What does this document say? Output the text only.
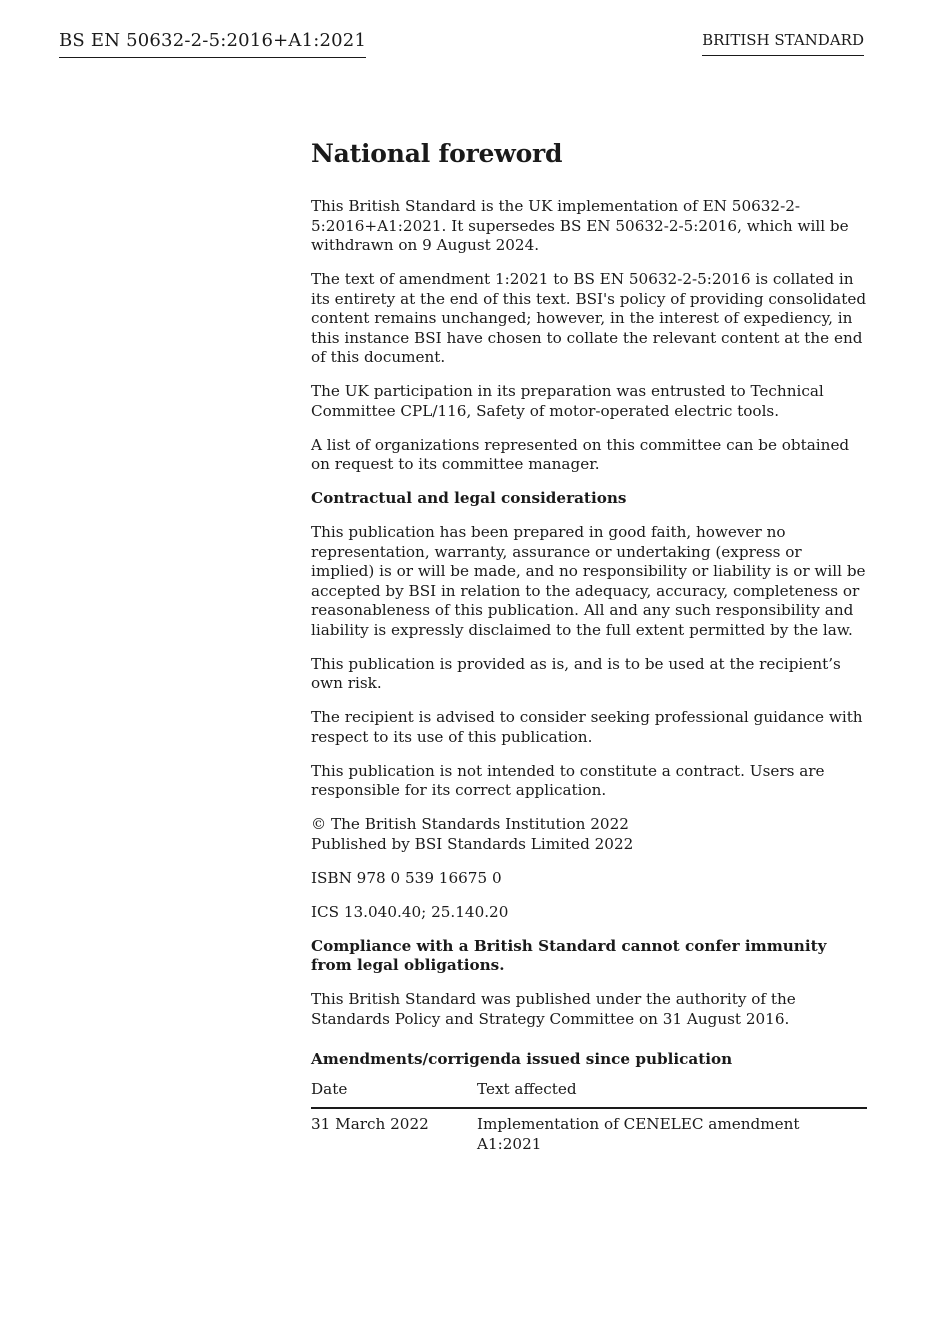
BS EN 50632-2-5:2016+A1:2021	BRITISH STANDARD
National foreword

This British Standard is the UK implementation of EN 50632-2-5:2016+A1:2021. It supersedes BS EN 50632-2-5:2016, which will be withdrawn on 9 August 2024.

The text of amendment 1:2021 to BS EN 50632-2-5:2016 is collated in its entirety at the end of this text. BSI's policy of providing consolidated content remains unchanged; however, in the interest of expediency, in this instance BSI have chosen to collate the relevant content at the end of this document.

The UK participation in its preparation was entrusted to Technical Committee CPL/116, Safety of motor-operated electric tools.

A list of organizations represented on this committee can be obtained on request to its committee manager.

Contractual and legal considerations

This publication has been prepared in good faith, however no representation, warranty, assurance or undertaking (express or implied) is or will be made, and no responsibility or liability is or will be accepted by BSI in relation to the adequacy, accuracy, completeness or reasonableness of this publication. All and any such responsibility and liability is expressly disclaimed to the full extent permitted by the law.

This publication is provided as is, and is to be used at the recipient’s own risk.

The recipient is advised to consider seeking professional guidance with respect to its use of this publication.

This publication is not intended to constitute a contract. Users are responsible for its correct application.

© The British Standards Institution 2022
Published by BSI Standards Limited 2022

ISBN 978 0 539 16675 0

ICS 13.040.40; 25.140.20

Compliance with a British Standard cannot confer immunity from legal obligations.

This British Standard was published under the authority of the Standards Policy and Strategy Committee on 31 August 2016.

Amendments/corrigenda issued since publication
Date	Text affected
31 March 2022	Implementation of CENELEC amendment A1:2021
